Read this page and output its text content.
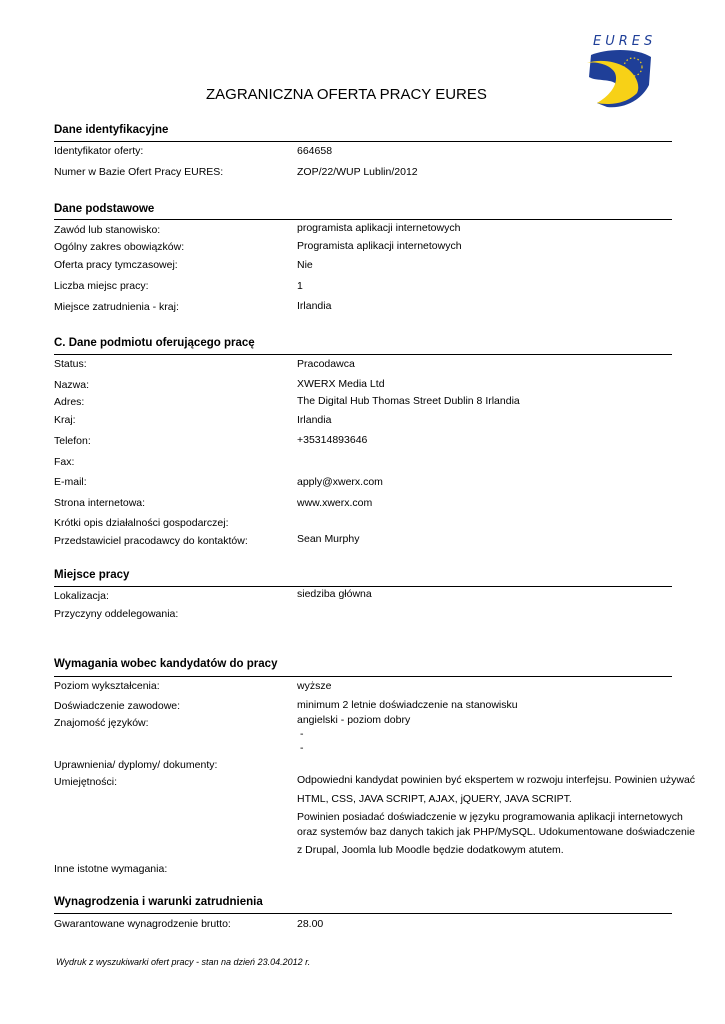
EURES
ZAGRANICZNA OFERTA PRACY EURES
Dane identyfikacyjne
Identyfikator oferty:	664658
Numer w Bazie Ofert Pracy EURES:	ZOP/22/WUP Lublin/2012
Dane podstawowe
Zawód lub stanowisko:	programista aplikacji internetowych
Ogólny zakres obowiązków:	Programista aplikacji internetowych
Oferta pracy tymczasowej:	Nie
Liczba miejsc pracy:	1
Miejsce zatrudnienia - kraj:	Irlandia
C. Dane podmiotu oferującego pracę
Status:	Pracodawca
Nazwa:	XWERX Media Ltd
Adres:	The Digital Hub Thomas Street Dublin 8 Irlandia
Kraj:	Irlandia
Telefon:	+35314893646
Fax:
E-mail:	apply@xwerx.com
Strona internetowa:	www.xwerx.com
Krótki opis działalności gospodarczej:
Przedstawiciel pracodawcy do kontaktów:	Sean Murphy
Miejsce pracy
Lokalizacja:	siedziba główna
Przyczyny oddelegowania:
Wymagania wobec kandydatów do pracy
Poziom wykształcenia:	wyższe
Doświadczenie zawodowe:	minimum 2 letnie doświadczenie na stanowisku
Znajomość języków:	angielski - poziom dobry
-
-
Uprawnienia/ dyplomy/ dokumenty:
Umiejętności:	Odpowiedni kandydat powinien być ekspertem w rozwoju interfejsu. Powinien używać
HTML, CSS, JAVA SCRIPT, AJAX, jQUERY, JAVA SCRIPT.
Powinien posiadać doświadczenie w języku programowania aplikacji internetowych
oraz systemów baz danych takich jak PHP/MySQL. Udokumentowane doświadczenie
z Drupal, Joomla lub Moodle będzie dodatkowym atutem.
Inne istotne wymagania:
Wynagrodzenia i warunki zatrudnienia
Gwarantowane wynagrodzenie brutto:	28.00
Wydruk z wyszukiwarki ofert pracy - stan na dzień 23.04.2012 r.
